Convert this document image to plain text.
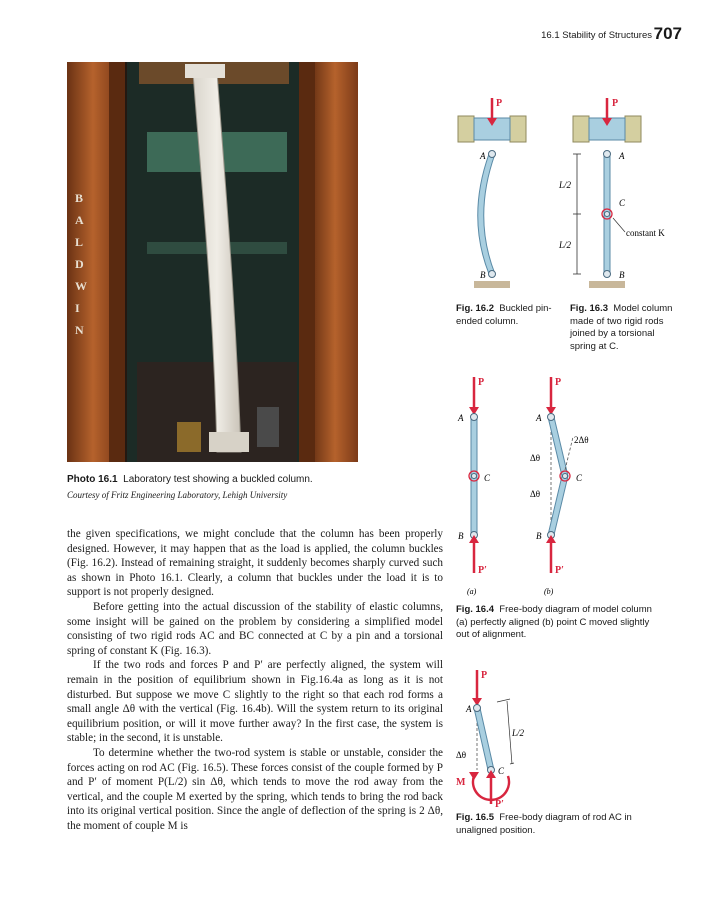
16.1 Stability of Structures 707
B
A
L
D
W
I
N
Photo 16.1 Laboratory test showing a buckled column.
Courtesy of Fritz Engineering Laboratory, Lehigh University

the given specifications, we might conclude that the column has been properly designed. However, it may happen that as the load is applied, the column buckles (Fig. 16.2). Instead of remaining straight, it suddenly becomes sharply curved such as shown in Photo 16.1. Clearly, a column that buckles under the load it is to support is not properly designed.

Before getting into the actual discussion of the stability of elastic columns, some insight will be gained on the problem by considering a simplified model consisting of two rigid rods AC and BC connected at C by a pin and a torsional spring of constant K (Fig. 16.3).

If the two rods and forces P and P′ are perfectly aligned, the system will remain in the position of equilibrium shown in Fig.16.4a as long as it is not disturbed. But suppose we move C slightly to the right so that each rod forms a small angle Δθ with the vertical (Fig. 16.4b). Will the system return to its original equilibrium position, or will it move further away? In the first case, the system is stable; in the second, it is unstable.

To determine whether the two-rod system is stable or unstable, consider the forces acting on rod AC (Fig. 16.5). These forces consist of the couple formed by P and P′ of moment P(L/2) sin Δθ, which tends to move the rod away from the vertical, and the couple M exerted by the spring, which tends to bring the rod back into its original vertical position. Since the angle of deflection of the spring is 2 Δθ, the moment of couple M is

P
A
B
Fig. 16.2 Buckled pin-ended column.
P
L/2
L/2
A
C
B
constant K
Fig. 16.3 Model column made of two rigid rods joined by a torsional spring at C.
P
P′
A
C
B
(a)
P
P′
A
C
B
2Δθ
Δθ
Δθ
(b)
Fig. 16.4 Free-body diagram of model column (a) perfectly aligned (b) point C moved slightly out of alignment.
P
L/2
P′
A
C
Δθ
M
Fig. 16.5 Free-body diagram of rod AC in unaligned position.
